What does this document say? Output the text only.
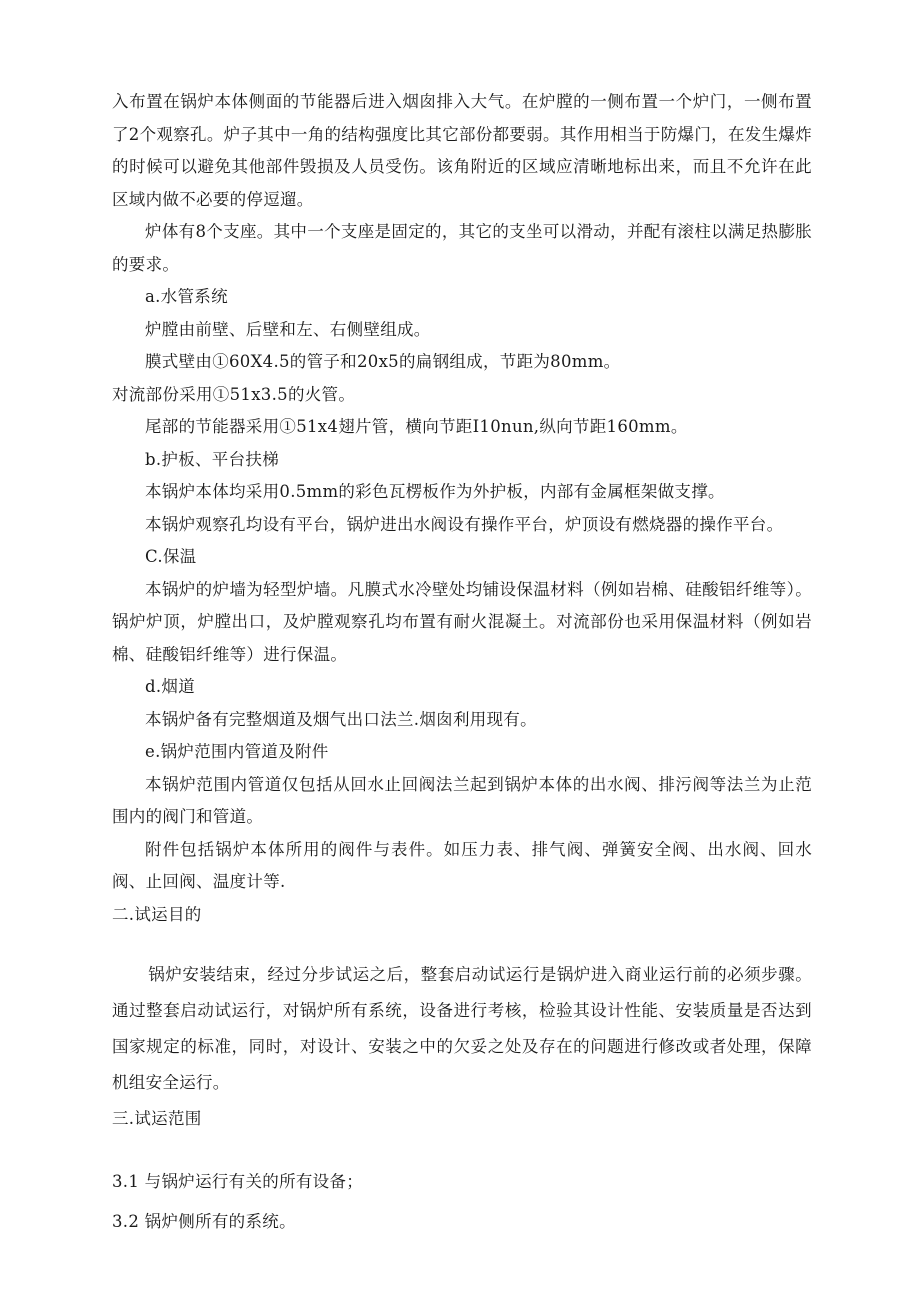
入布置在锅炉本体侧面的节能器后进入烟囱排入大气。在炉膛的一侧布置一个炉门，一侧布置了2个观察孔。炉子其中一角的结构强度比其它部份都要弱。其作用相当于防爆门，在发生爆炸的时候可以避免其他部件毁损及人员受伤。该角附近的区域应清晰地标出来，而且不允许在此区域内做不必要的停逗遛。

炉体有8个支座。其中一个支座是固定的，其它的支坐可以滑动，并配有滚柱以满足热膨胀的要求。

a.水管系统

炉膛由前壁、后壁和左、右侧壁组成。

膜式壁由①60X4.5的管子和20x5的扁钢组成，节距为80mm。

对流部份采用①51x3.5的火管。

尾部的节能器采用①51x4翅片管，横向节距I10nun,纵向节距160mm。

b.护板、平台扶梯

本锅炉本体均采用0.5mm的彩色瓦楞板作为外护板，内部有金属框架做支撑。

本锅炉观察孔均设有平台，锅炉进出水阀设有操作平台，炉顶设有燃烧器的操作平台。

C.保温

本锅炉的炉墙为轻型炉墙。凡膜式水冷壁处均铺设保温材料（例如岩棉、硅酸铝纤维等）。锅炉炉顶，炉膛出口，及炉膛观察孔均布置有耐火混凝土。对流部份也采用保温材料（例如岩棉、硅酸铝纤维等）进行保温。

d.烟道

本锅炉备有完整烟道及烟气出口法兰.烟囱利用现有。

e.锅炉范围内管道及附件

本锅炉范围内管道仅包括从回水止回阀法兰起到锅炉本体的出水阀、排污阀等法兰为止范围内的阀门和管道。

附件包括锅炉本体所用的阀件与表件。如压力表、排气阀、弹簧安全阀、出水阀、回水阀、止回阀、温度计等.

二.试运目的

锅炉安装结束，经过分步试运之后，整套启动试运行是锅炉进入商业运行前的必须步骤。通过整套启动试运行，对锅炉所有系统，设备进行考核，检验其设计性能、安装质量是否达到国家规定的标准，同时，对设计、安装之中的欠妥之处及存在的问题进行修改或者处理，保障机组安全运行。

三.试运范围

3.1 与锅炉运行有关的所有设备；

3.2 锅炉侧所有的系统。
